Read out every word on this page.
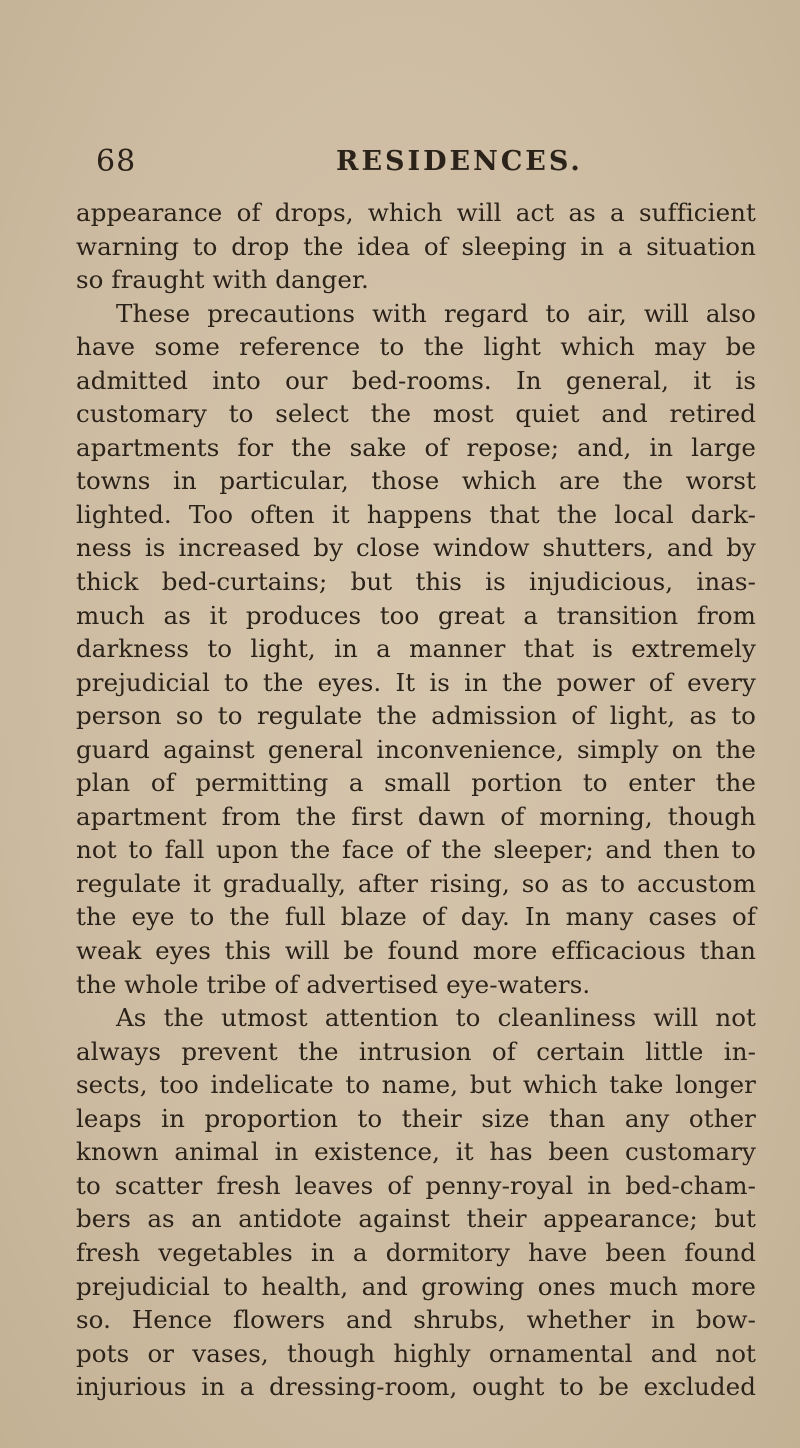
68	RESIDENCES.
appearance of drops, which will act as a sufficient
warning to drop the idea of sleeping in a situation
so fraught with danger.
These precautions with regard to air, will also
have some reference to the light which may be
admitted into our bed-rooms. In general, it is
customary to select the most quiet and retired
apartments for the sake of repose; and, in large
towns in particular, those which are the worst
lighted. Too often it happens that the local dark-
ness is increased by close window shutters, and by
thick bed-curtains; but this is injudicious, inas-
much as it produces too great a transition from
darkness to light, in a manner that is extremely
prejudicial to the eyes. It is in the power of every
person so to regulate the admission of light, as to
guard against general inconvenience, simply on the
plan of permitting a small portion to enter the
apartment from the first dawn of morning, though
not to fall upon the face of the sleeper; and then to
regulate it gradually, after rising, so as to accustom
the eye to the full blaze of day. In many cases of
weak eyes this will be found more efficacious than
the whole tribe of advertised eye-waters.
As the utmost attention to cleanliness will not
always prevent the intrusion of certain little in-
sects, too indelicate to name, but which take longer
leaps in proportion to their size than any other
known animal in existence, it has been customary
to scatter fresh leaves of penny-royal in bed-cham-
bers as an antidote against their appearance; but
fresh vegetables in a dormitory have been found
prejudicial to health, and growing ones much more
so. Hence flowers and shrubs, whether in bow-
pots or vases, though highly ornamental and not
injurious in a dressing-room, ought to be excluded
